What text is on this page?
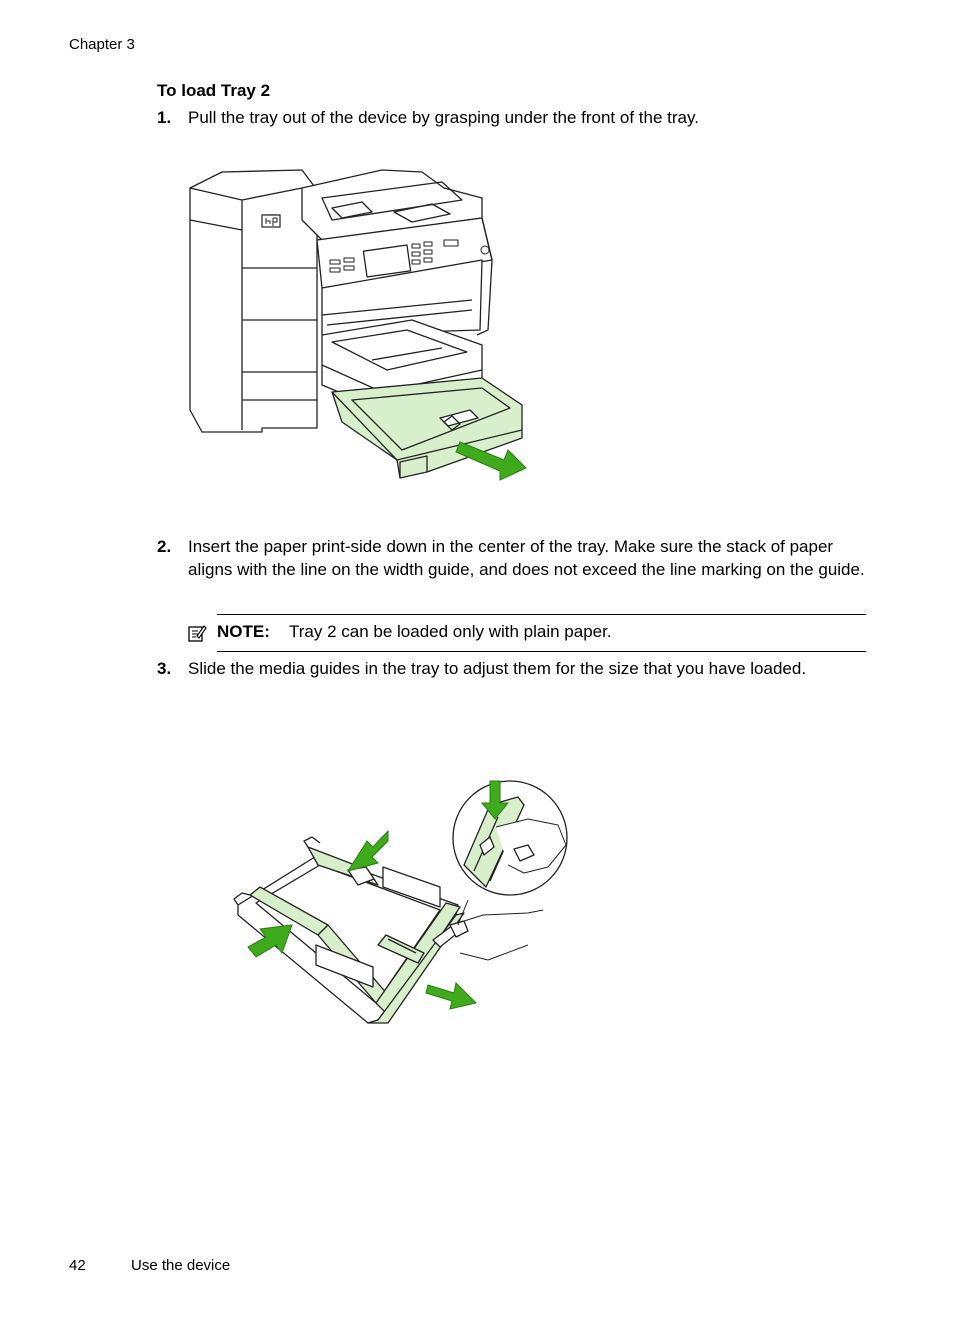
Chapter 3
To load Tray 2
1. Pull the tray out of the device by grasping under the front of the tray.
2. Insert the paper print-side down in the center of the tray. Make sure the stack of paper aligns with the line on the width guide, and does not exceed the line marking on the guide.
NOTE: Tray 2 can be loaded only with plain paper.
3. Slide the media guides in the tray to adjust them for the size that you have loaded.
42	Use the device
